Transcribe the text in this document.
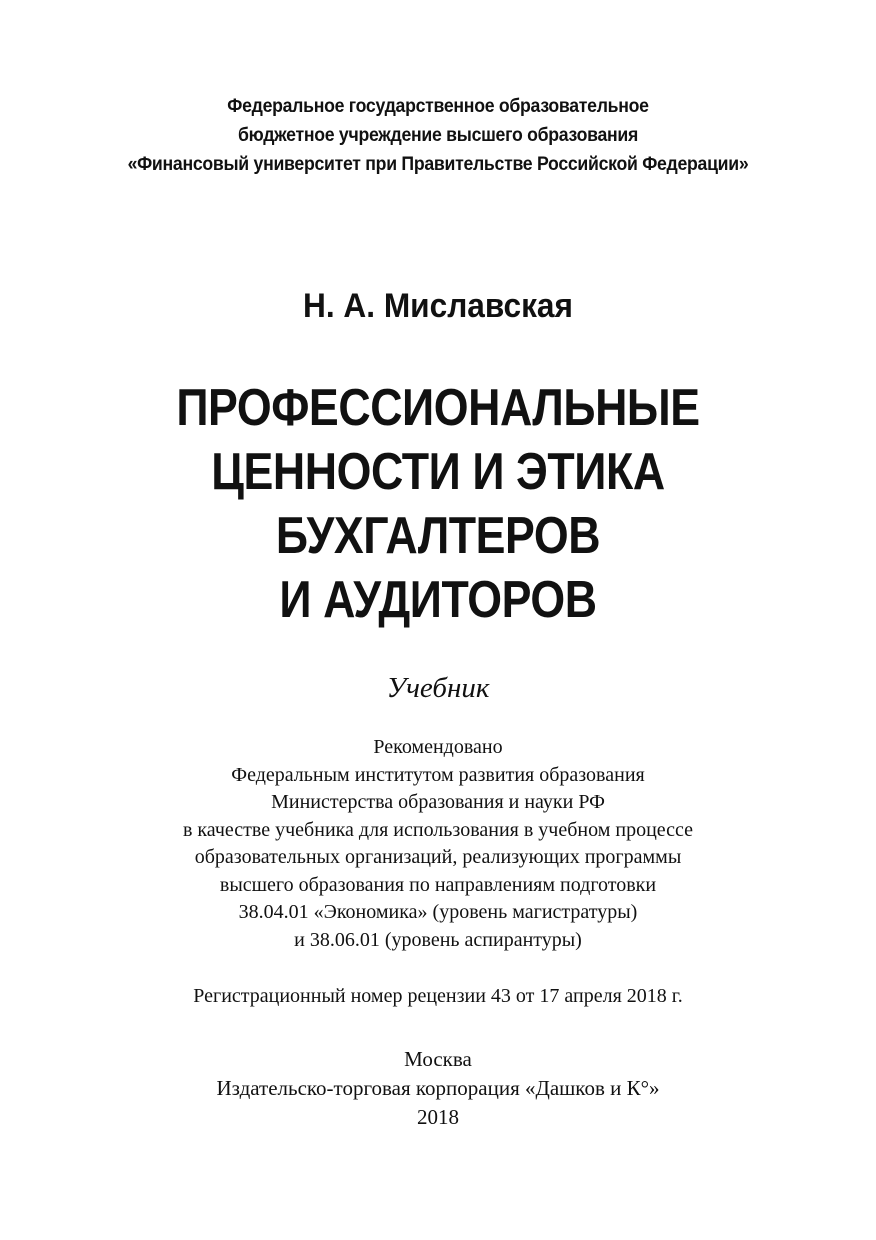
Федеральное государственное образовательное
бюджетное учреждение высшего образования
«Финансовый университет при Правительстве Российской Федерации»
Н. А. Миславская
ПРОФЕССИОНАЛЬНЫЕ
ЦЕННОСТИ И ЭТИКА
БУХГАЛТЕРОВ
И АУДИТОРОВ
Учебник
Рекомендовано
Федеральным институтом развития образования
Министерства образования и науки РФ
в качестве учебника для использования в учебном процессе
образовательных организаций, реализующих программы
высшего образования по направлениям подготовки
38.04.01 «Экономика» (уровень магистратуры)
и 38.06.01 (уровень аспирантуры)
Регистрационный номер рецензии 43 от 17 апреля 2018 г.
Москва
Издательско-торговая корпорация «Дашков и К°»
2018
